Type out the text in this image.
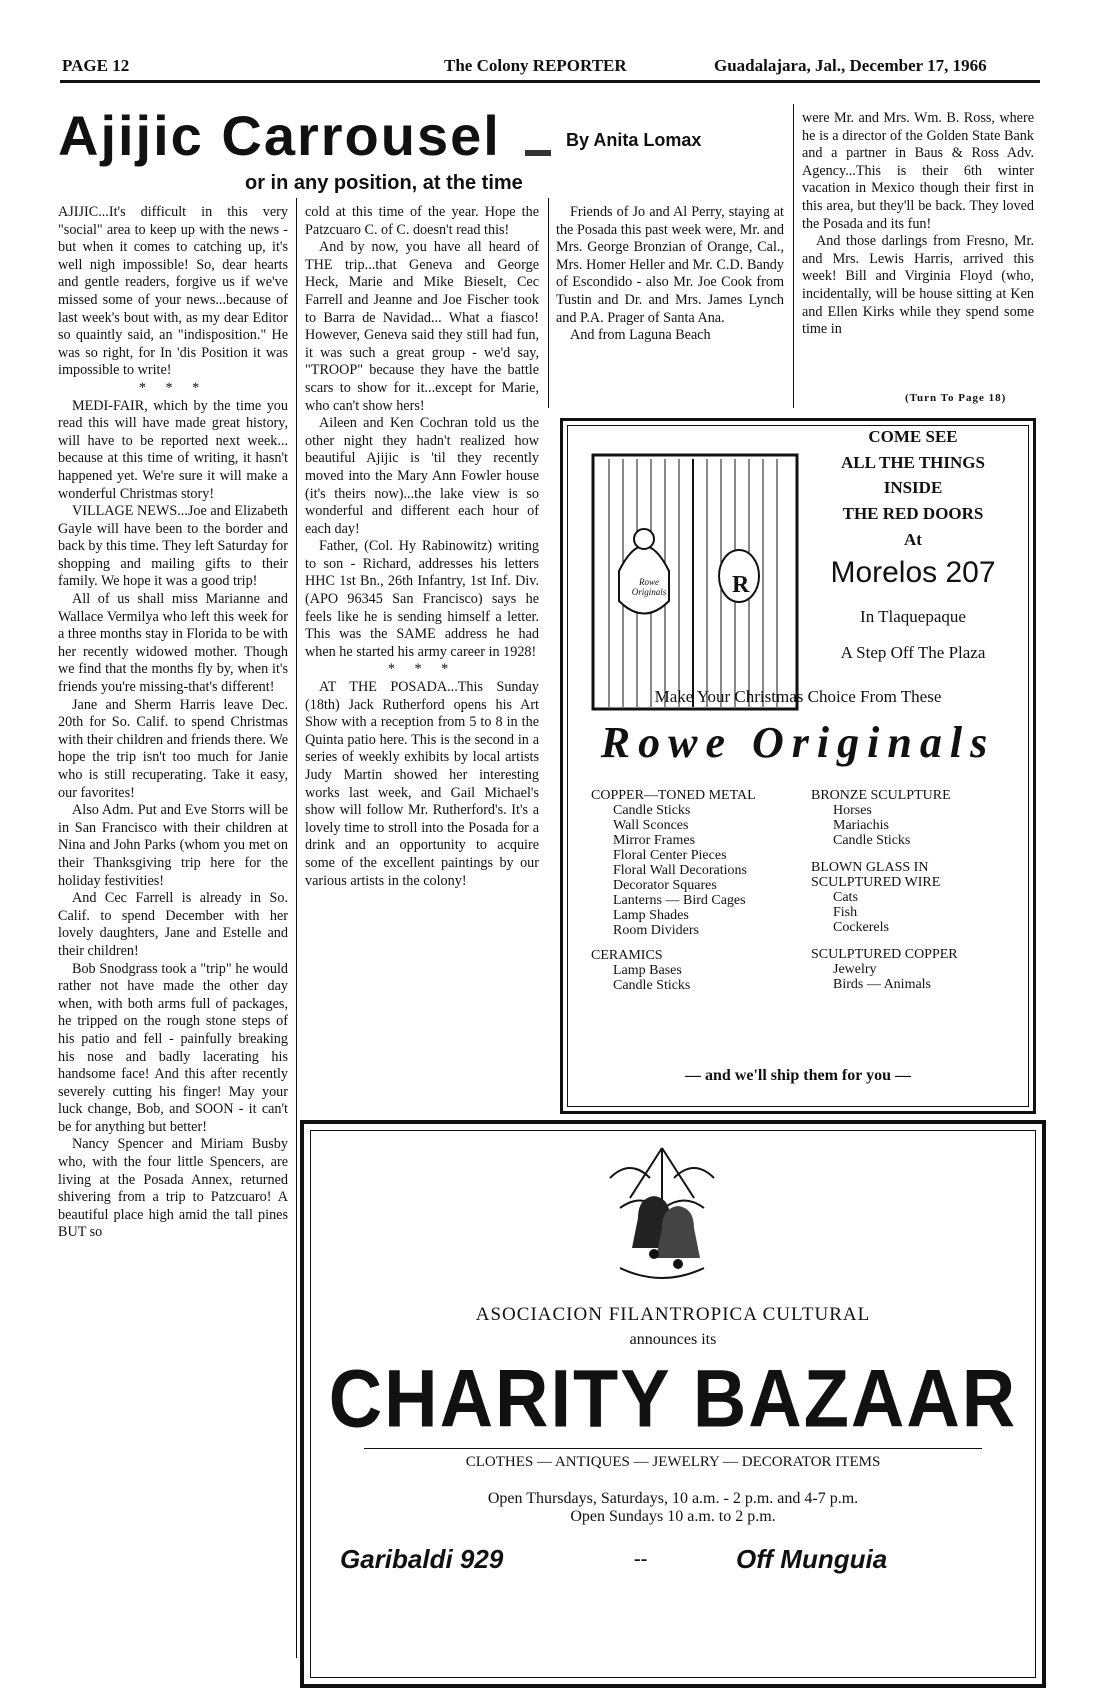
PAGE 12	The Colony REPORTER	Guadalajara, Jal., December 17, 1966
Ajijic Carrousel	By Anita Lomax
or in any position, at the time

AJIJIC...It's difficult in this very "social" area to keep up with the news - but when it comes to catching up, it's well nigh impossible! So, dear hearts and gentle readers, forgive us if we've missed some of your news...because of last week's bout with, as my dear Editor so quaintly said, an "indisposition." He was so right, for In 'dis Position it was impossible to write!

* * *

MEDI-FAIR, which by the time you read this will have made great history, will have to be reported next week... because at this time of writing, it hasn't happened yet. We're sure it will make a wonderful Christmas story!

VILLAGE NEWS...Joe and Elizabeth Gayle will have been to the border and back by this time. They left Saturday for shopping and mailing gifts to their family. We hope it was a good trip!

All of us shall miss Marianne and Wallace Vermilya who left this week for a three months stay in Florida to be with her recently widowed mother. Though we find that the months fly by, when it's friends you're missing-that's different!

Jane and Sherm Harris leave Dec. 20th for So. Calif. to spend Christmas with their children and friends there. We hope the trip isn't too much for Janie who is still recuperating. Take it easy, our favorites!

Also Adm. Put and Eve Storrs will be in San Francisco with their children at Nina and John Parks (whom you met on their Thanksgiving trip here for the holiday festivities!

And Cec Farrell is already in So. Calif. to spend December with her lovely daughters, Jane and Estelle and their children!

Bob Snodgrass took a "trip" he would rather not have made the other day when, with both arms full of packages, he tripped on the rough stone steps of his patio and fell - painfully breaking his nose and badly lacerating his handsome face! And this after recently severely cutting his finger! May your luck change, Bob, and SOON - it can't be for anything but better!

Nancy Spencer and Miriam Busby who, with the four little Spencers, are living at the Posada Annex, returned shivering from a trip to Patzcuaro! A beautiful place high amid the tall pines BUT so

cold at this time of the year. Hope the Patzcuaro C. of C. doesn't read this!

And by now, you have all heard of THE trip...that Geneva and George Heck, Marie and Mike Bieselt, Cec Farrell and Jeanne and Joe Fischer took to Barra de Navidad... What a fiasco! However, Geneva said they still had fun, it was such a great group - we'd say, "TROOP" because they have the battle scars to show for it...except for Marie, who can't show hers!

Aileen and Ken Cochran told us the other night they hadn't realized how beautiful Ajijic is 'til they recently moved into the Mary Ann Fowler house (it's theirs now)...the lake view is so wonderful and different each hour of each day!

Father, (Col. Hy Rabinowitz) writing to son - Richard, addresses his letters HHC 1st Bn., 26th Infantry, 1st Inf. Div. (APO 96345 San Francisco) says he feels like he is sending himself a letter. This was the SAME address he had when he started his army career in 1928!

* * *

AT THE POSADA...This Sunday (18th) Jack Rutherford opens his Art Show with a reception from 5 to 8 in the Quinta patio here. This is the second in a series of weekly exhibits by local artists Judy Martin showed her interesting works last week, and Gail Michael's show will follow Mr. Rutherford's. It's a lovely time to stroll into the Posada for a drink and an opportunity to acquire some of the excellent paintings by our various artists in the colony!

Friends of Jo and Al Perry, staying at the Posada this past week were, Mr. and Mrs. George Bronzian of Orange, Cal., Mrs. Homer Heller and Mr. C.D. Bandy of Escondido - also Mr. Joe Cook from Tustin and Dr. and Mrs. James Lynch and P.A. Prager of Santa Ana.

And from Laguna Beach

were Mr. and Mrs. Wm. B. Ross, where he is a director of the Golden State Bank and a partner in Baus & Ross Adv. Agency...This is their 6th winter vacation in Mexico though their first in this area, but they'll be back. They loved the Posada and its fun!

And those darlings from Fresno, Mr. and Mrs. Lewis Harris, arrived this week! Bill and Virginia Floyd (who, incidentally, will be house sitting at Ken and Ellen Kirks while they spend some time in

(Turn To Page 18)
Rowe Originals	R
COME SEE
ALL THE THINGS
INSIDE
THE RED DOORS
At
Morelos 207
In Tlaquepaque
A Step Off The Plaza
Make Your Christmas Choice From These
Rowe Originals
COPPER—TONED METAL
Candle Sticks
Wall Sconces
Mirror Frames
Floral Center Pieces
Floral Wall Decorations
Decorator Squares
Lanterns — Bird Cages
Lamp Shades
Room Dividers
CERAMICS
Lamp Bases
Candle Sticks
BRONZE SCULPTURE
Horses
Mariachis
Candle Sticks
BLOWN GLASS IN SCULPTURED WIRE
Cats
Fish
Cockerels
SCULPTURED COPPER
Jewelry
Birds — Animals
— and we'll ship them for you —
ASOCIACION FILANTROPICA CULTURAL
announces its
CHARITY BAZAAR
CLOTHES — ANTIQUES — JEWELRY — DECORATOR ITEMS
Open Thursdays, Saturdays, 10 a.m. - 2 p.m. and 4-7 p.m.
Open Sundays 10 a.m. to 2 p.m.
Garibaldi 929	--	Off Munguia
